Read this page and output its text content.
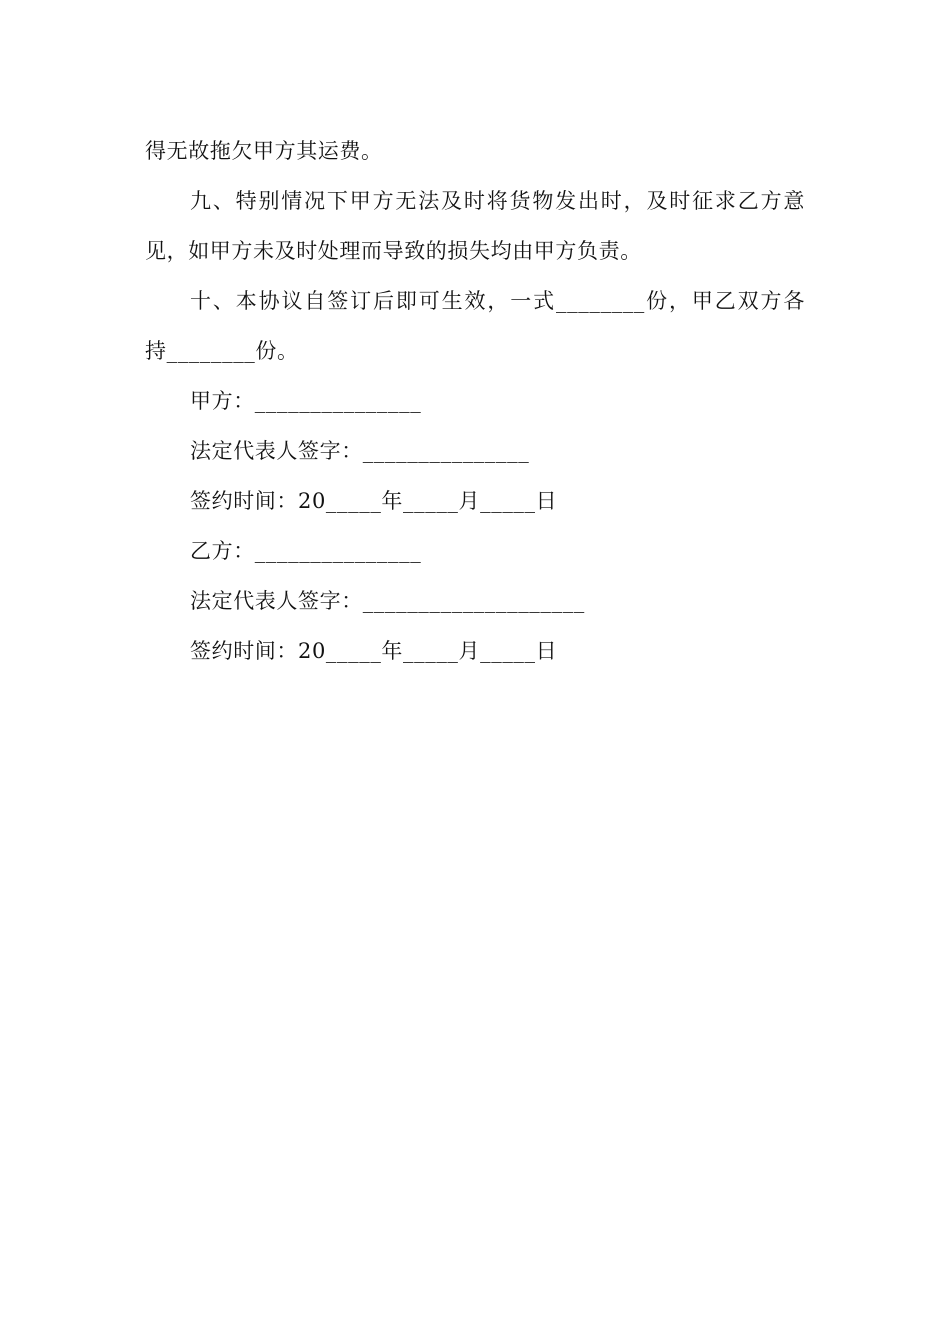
得无故拖欠甲方其运费。
九、特别情况下甲方无法及时将货物发出时，及时征求乙方意
见，如甲方未及时处理而导致的损失均由甲方负责。
十、本协议自签订后即可生效，一式________份，甲乙双方各
持________份。
甲方：_______________
法定代表人签字：_______________
签约时间：20_____年_____月_____日
乙方：_______________
法定代表人签字：____________________
签约时间：20_____年_____月_____日
